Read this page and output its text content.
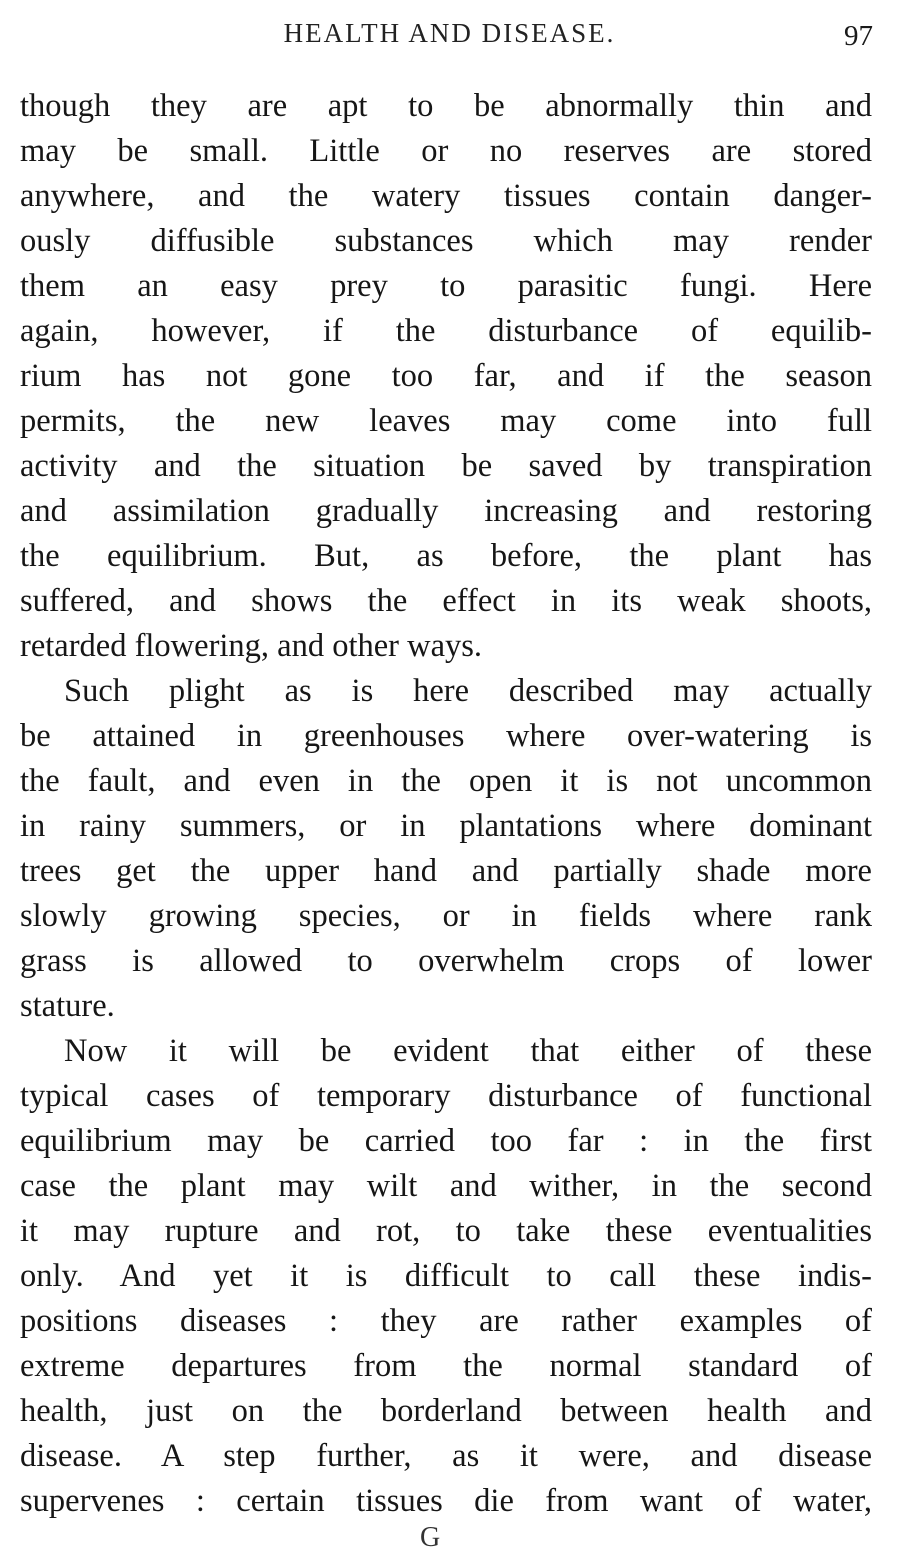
HEALTH AND DISEASE.	97
though they are apt to be abnormally thin and
may be small. Little or no reserves are stored
anywhere, and the watery tissues contain danger-
ously diffusible substances which may render
them an easy prey to parasitic fungi. Here
again, however, if the disturbance of equilib-
rium has not gone too far, and if the season
permits, the new leaves may come into full
activity and the situation be saved by transpiration
and assimilation gradually increasing and restoring
the equilibrium. But, as before, the plant has
suffered, and shows the effect in its weak shoots,
retarded flowering, and other ways.
Such plight as is here described may actually
be attained in greenhouses where over-watering is
the fault, and even in the open it is not uncommon
in rainy summers, or in plantations where dominant
trees get the upper hand and partially shade more
slowly growing species, or in fields where rank
grass is allowed to overwhelm crops of lower
stature.
Now it will be evident that either of these
typical cases of temporary disturbance of functional
equilibrium may be carried too far : in the first
case the plant may wilt and wither, in the second
it may rupture and rot, to take these eventualities
only. And yet it is difficult to call these indis-
positions diseases : they are rather examples of
extreme departures from the normal standard of
health, just on the borderland between health and
disease. A step further, as it were, and disease
supervenes : certain tissues die from want of water,
G
